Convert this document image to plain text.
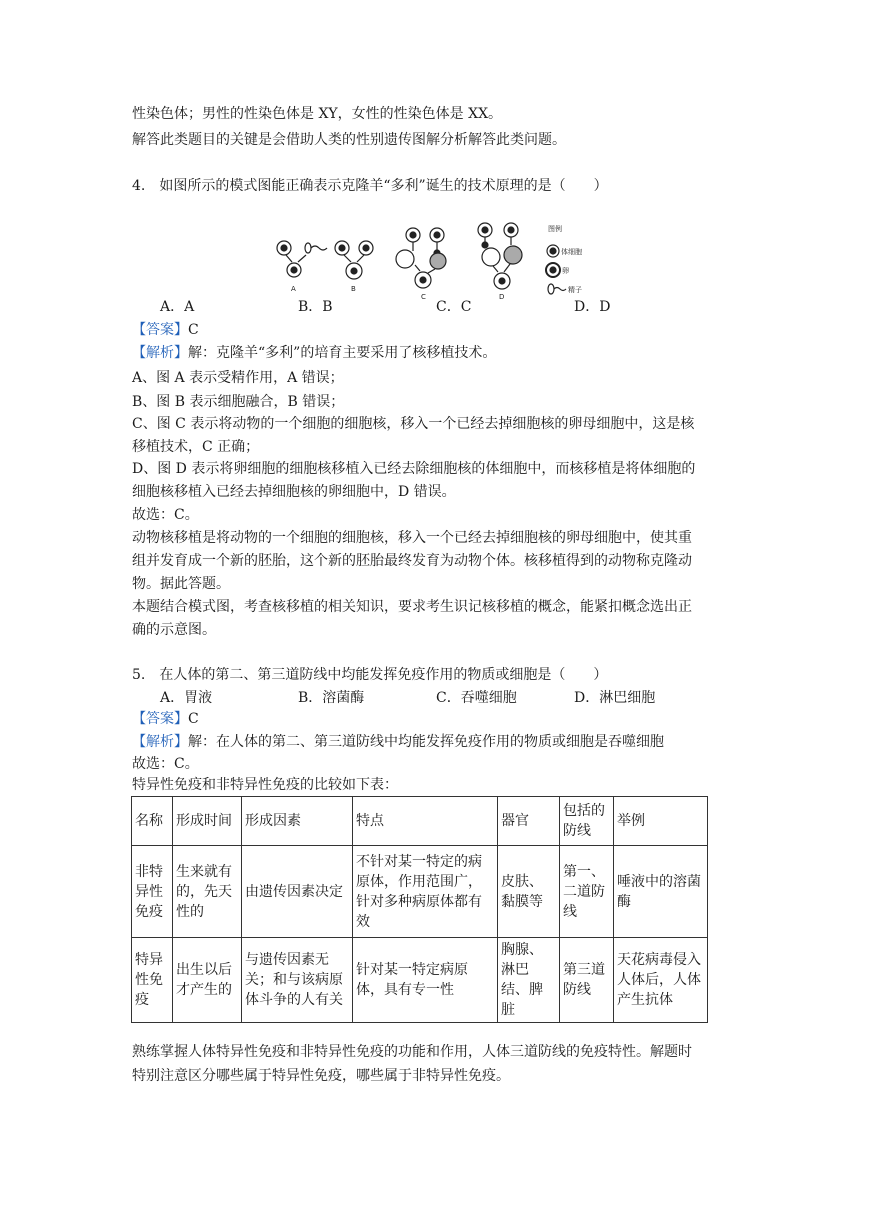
性染色体；男性的性染色体是 XY，女性的性染色体是 XX。
解答此类题目的关键是会借助人类的性别遗传图解分析解答此类问题。
4.　如图所示的模式图能正确表示克隆羊“多利”诞生的技术原理的是（　　）
A	B
C	D
图例
体细胞
卵
精子
A．A	B．B	C．C	D．D
【答案】C
【解析】解：克隆羊“多利”的培育主要采用了核移植技术。
A、图 A 表示受精作用，A 错误；
B、图 B 表示细胞融合，B 错误；
C、图 C 表示将动物的一个细胞的细胞核，移入一个已经去掉细胞核的卵母细胞中，这是核
移植技术，C 正确；
D、图 D 表示将卵细胞的细胞核移植入已经去除细胞核的体细胞中，而核移植是将体细胞的
细胞核移植入已经去掉细胞核的卵细胞中，D 错误。
故选：C。
动物核移植是将动物的一个细胞的细胞核，移入一个已经去掉细胞核的卵母细胞中，使其重
组并发育成一个新的胚胎，这个新的胚胎最终发育为动物个体。核移植得到的动物称克隆动
物。据此答题。
本题结合模式图，考查核移植的相关知识，要求考生识记核移植的概念，能紧扣概念选出正
确的示意图。
5.　在人体的第二、第三道防线中均能发挥免疫作用的物质或细胞是（　　）
A．胃液	B．溶菌酶	C．吞噬细胞	D．淋巴细胞
【答案】C
【解析】解：在人体的第二、第三道防线中均能发挥免疫作用的物质或细胞是吞噬细胞
故选：C。
特异性免疫和非特异性免疫的比较如下表：
名称	形成时间	形成因素	特点	器官	包括的防线	举例
非特异性免疫	生来就有的，先天性的	由遗传因素决定	不针对某一特定的病原体，作用范围广，针对多种病原体都有效	皮肤、黏膜等	第一、二道防线	唾液中的溶菌酶
特异性免疫	出生以后才产生的	与遗传因素无关；和与该病原体斗争的人有关	针对某一特定病原体，具有专一性	胸腺、淋巴结、脾脏	第三道防线	天花病毒侵入人体后，人体产生抗体
熟练掌握人体特异性免疫和非特异性免疫的功能和作用，人体三道防线的免疫特性。解题时
特别注意区分哪些属于特异性免疫，哪些属于非特异性免疫。
